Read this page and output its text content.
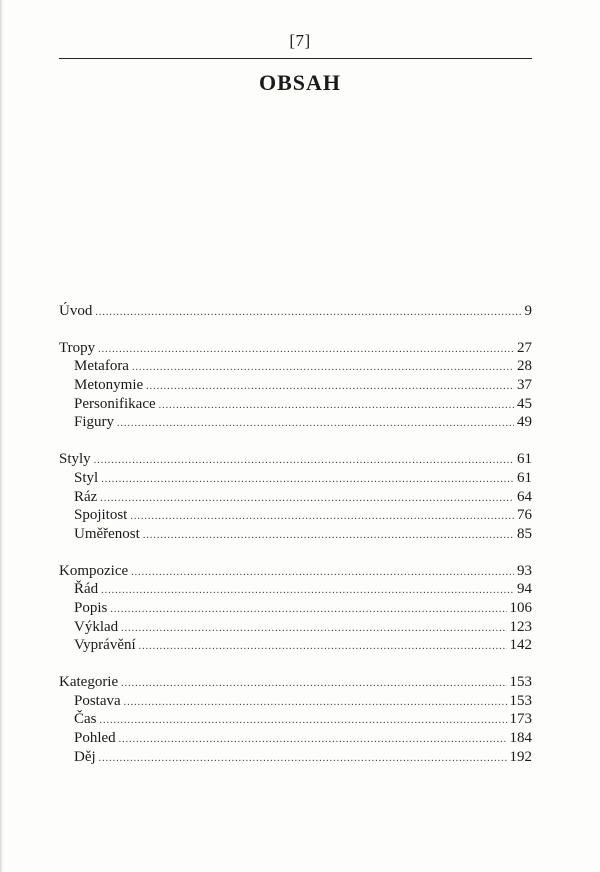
[7]
OBSAH
Úvod .....	9
Tropy .....	27
Metafora .....	28
Metonymie .....	37
Personifikace .....	45
Figury .....	49
Styly .....	61
Styl .....	61
Ráz .....	64
Spojitost .....	76
Uměřenost .....	85
Kompozice .....	93
Řád .....	94
Popis .....	106
Výklad .....	123
Vyprávění .....	142
Kategorie .....	153
Postava .....	153
Čas .....	173
Pohled .....	184
Děj .....	192
